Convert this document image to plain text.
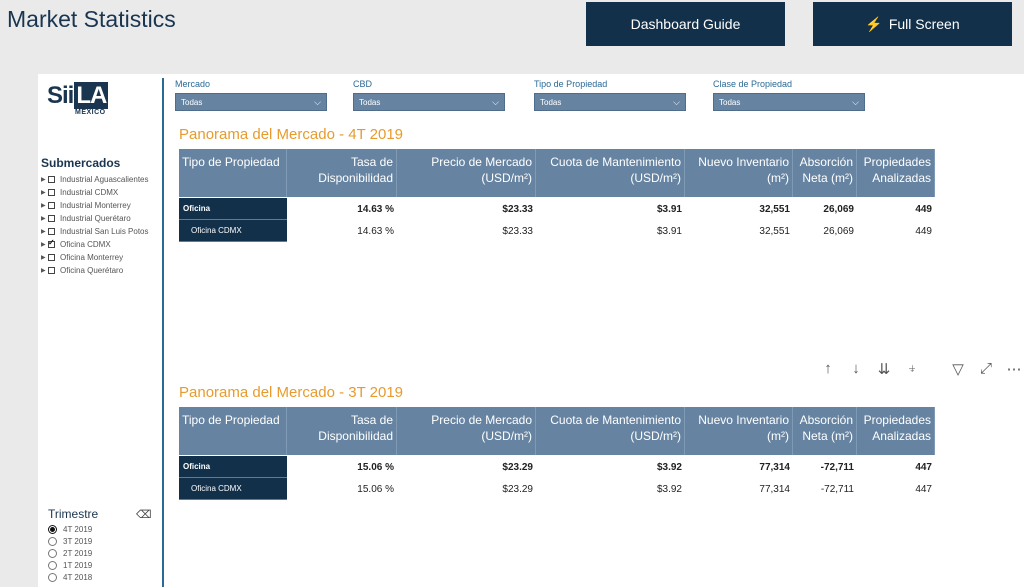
Market Statistics	Dashboard Guide	⚡ Full Screen
Sii LA
MÉXICO
Submercados
▶ Industrial Aguascalientes
▶ Industrial CDMX
▶ Industrial Monterrey
▶ Industrial Querétaro
▶ Industrial San Luis Potos
▶
✓ Oficina CDMX
▶ Oficina Monterrey
▶ Oficina Querétaro
Trimestre	⌫
4T 2019
3T 2019
2T 2019
1T 2019
4T 2018
Mercado
Todas	⌵
CBD
Todas	⌵
Tipo de Propiedad
Todas	⌵
Clase de Propiedad
Todas	⌵
Panorama del Mercado - 4T 2019
Tipo de Propiedad	Tasa de
Disponibilidad
Precio de Mercado
(USD/m²)
Cuota de Mantenimiento
(USD/m²)
Nuevo Inventario
(m²)
Absorción
Neta (m²)
Propiedades
Analizadas
Oficina	14.63 %	$23.33	$3.91	32,551	26,069	449
Oficina CDMX	14.63 %	$23.33	$3.91	32,551	26,069	449
↑	↓	⇊ ⍖	▽ ⤢ ⋯
Panorama del Mercado - 3T 2019
Tipo de Propiedad	Tasa de
Disponibilidad
Precio de Mercado
(USD/m²)
Cuota de Mantenimiento
(USD/m²)
Nuevo Inventario
(m²)
Absorción
Neta (m²)
Propiedades
Analizadas
Oficina	15.06 %	$23.29	$3.92	77,314	-72,711	447
Oficina CDMX	15.06 %	$23.29	$3.92	77,314	-72,711	447
